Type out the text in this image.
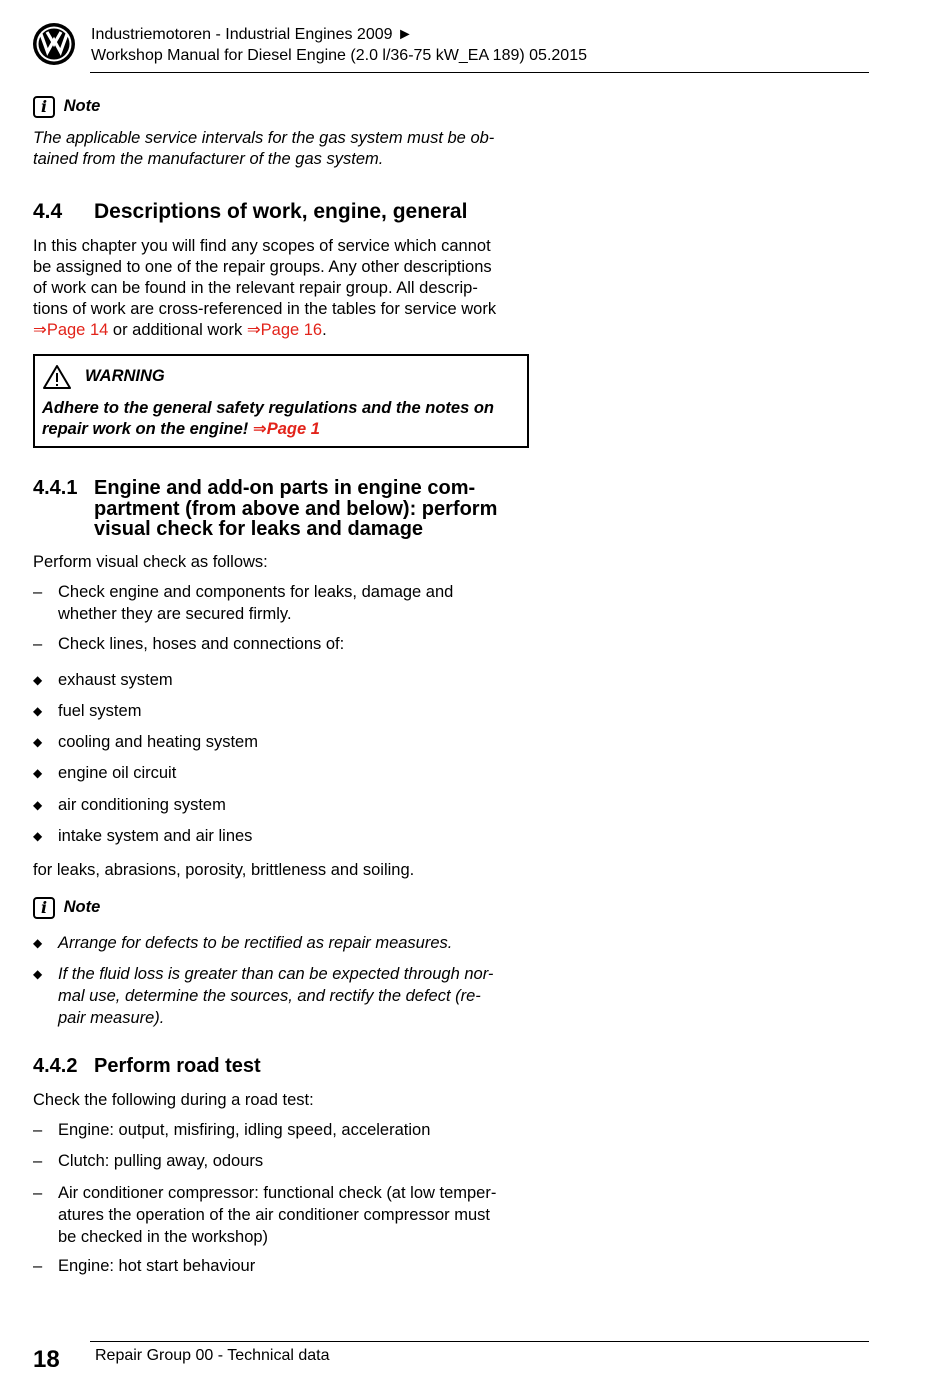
Industriemotoren - Industrial Engines 2009 ►
Workshop Manual for Diesel Engine (2.0 l/36-75 kW_EA 189) 05.2015
i Note
The applicable service intervals for the gas system must be ob-
tained from the manufacturer of the gas system.
4.4 Descriptions of work, engine, general
In this chapter you will find any scopes of service which cannot
be assigned to one of the repair groups. Any other descriptions
of work can be found in the relevant repair group. All descrip-
tions of work are cross-referenced in the tables for service work
⇒Page 14 or additional work ⇒Page 16.
WARNING
Adhere to the general safety regulations and the notes on
repair work on the engine! ⇒Page 1
4.4.1 Engine and add-on parts in engine com-
partment (from above and below): perform
visual check for leaks and damage
Perform visual check as follows:
– Check engine and components for leaks, damage and
whether they are secured firmly.
– Check lines, hoses and connections of:
◆ exhaust system
◆ fuel system
◆ cooling and heating system
◆ engine oil circuit
◆ air conditioning system
◆ intake system and air lines
for leaks, abrasions, porosity, brittleness and soiling.
i Note
◆ Arrange for defects to be rectified as repair measures.
◆ If the fluid loss is greater than can be expected through nor-
mal use, determine the sources, and rectify the defect (re-
pair measure).
4.4.2 Perform road test
Check the following during a road test:
– Engine: output, misfiring, idling speed, acceleration
– Clutch: pulling away, odours
– Air conditioner compressor: functional check (at low temper-
atures the operation of the air conditioner compressor must
be checked in the workshop)
– Engine: hot start behaviour
18 Repair Group 00 - Technical data
